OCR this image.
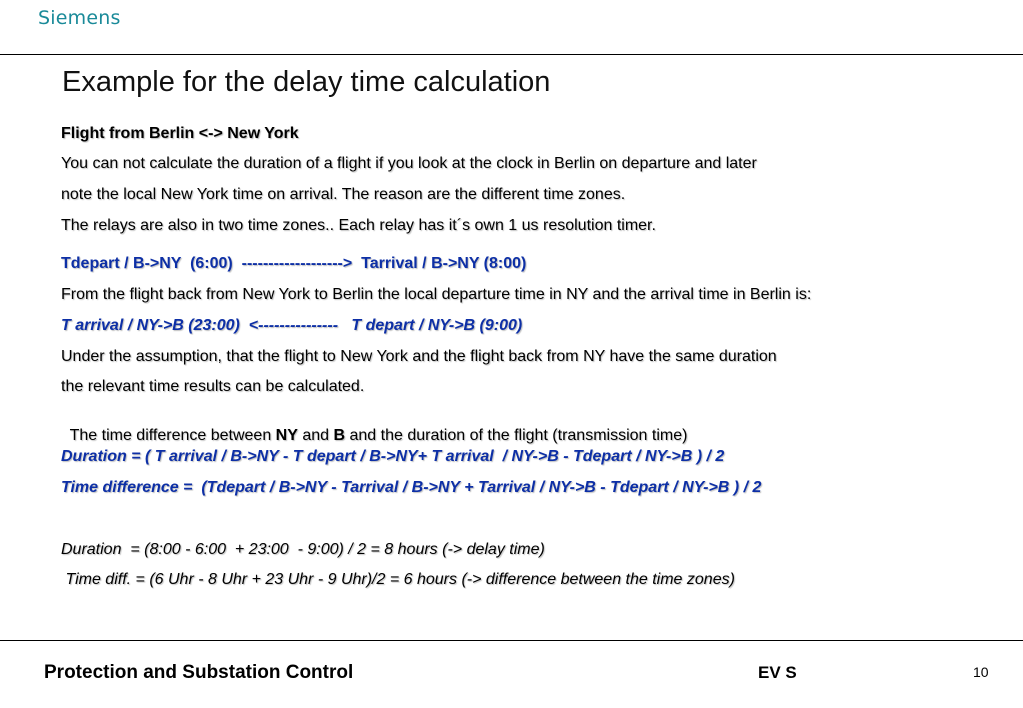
Siemens
Example for the delay time calculation
Flight from Berlin <-> New York
You can not calculate the duration of a flight if you look at the clock in Berlin on departure and later
note the local New York time on arrival. The reason are the different time zones.
The relays are also in two time zones.. Each relay has it´s own 1 us resolution timer.
Tdepart / B->NY  (6:00)  ------------------->  Tarrival / B->NY (8:00)
From the flight back from New York to Berlin the local departure time in NY and the arrival time in Berlin is:
T arrival / NY->B (23:00)  <---------------   T depart / NY->B (9:00)
Under the assumption, that the flight to New York and the flight back from NY have the same duration
the relevant time results can be calculated.

The time difference between NY and B and the duration of the flight (transmission time)

Duration = ( T arrival / B->NY - T depart / B->NY+ T arrival  / NY->B - Tdepart / NY->B ) / 2
Time difference =  (Tdepart / B->NY - Tarrival / B->NY + Tarrival / NY->B - Tdepart / NY->B ) / 2
Duration  = (8:00 - 6:00  + 23:00  - 9:00) / 2 = 8 hours (-> delay time)
Time diff. = (6 Uhr - 8 Uhr + 23 Uhr - 9 Uhr)/2 = 6 hours (-> difference between the time zones)
Protection and Substation Control	EV S	10
